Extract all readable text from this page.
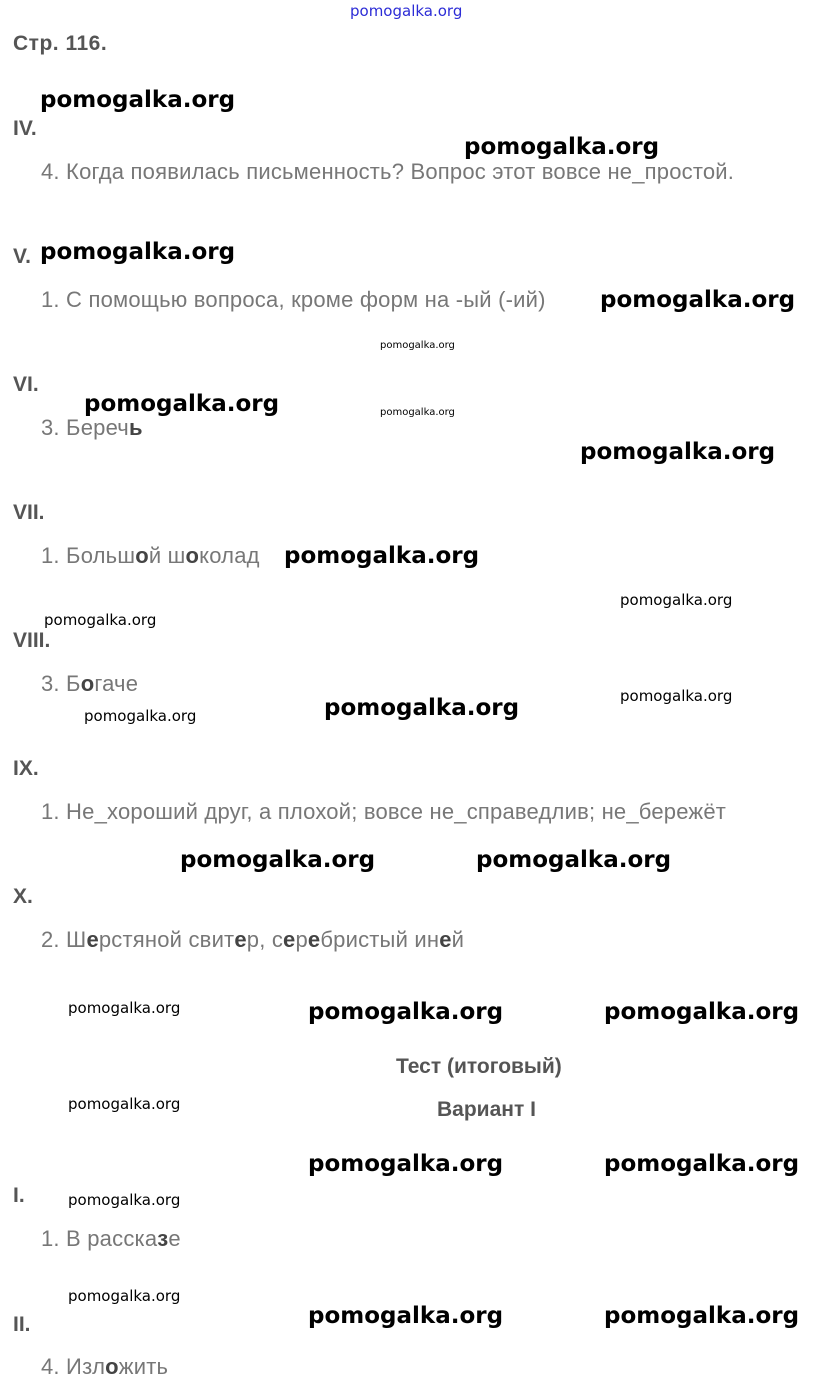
pomogalka.org
Стр. 116.
IV.
4. Когда появилась письменность? Вопрос этот вовсе не_простой.
V.
1. С помощью вопроса, кроме форм на -ый (-ий)
VI.
3. Беречь
VII.
1. Большой шоколад
VIII.
3. Богаче
IX.
1. Не_хороший друг, а плохой; вовсе не_справедлив; не_бережёт
X.
2. Шерстяной свитер, серебристый иней
Тест (итоговый)
Вариант I
I.
1. В рассказе
II.
4. Изложить
pomogalka.org
pomogalka.org
pomogalka.org
pomogalka.org
pomogalka.org
pomogalka.org
pomogalka.org
pomogalka.org
pomogalka.org	pomogalka.org
pomogalka.org	pomogalka.org
pomogalka.org	pomogalka.org
pomogalka.org	pomogalka.org
pomogalka.org
pomogalka.org
pomogalka.org
pomogalka.org
pomogalka.org
pomogalka.org
pomogalka.org
pomogalka.org
pomogalka.org
pomogalka.org
